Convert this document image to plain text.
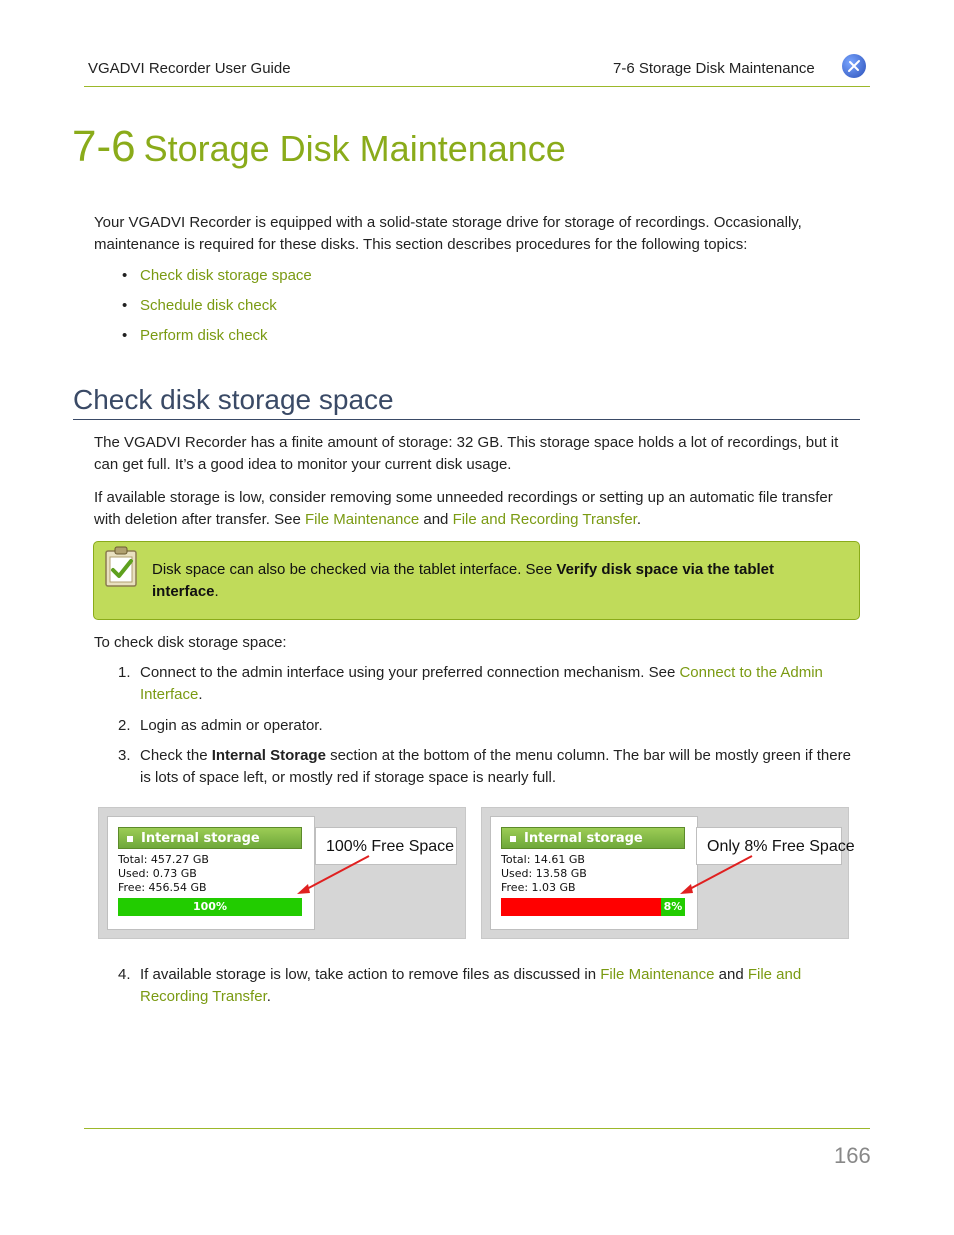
VGADVI Recorder User Guide	7-6 Storage Disk Maintenance
7-6 Storage Disk Maintenance
Your VGADVI Recorder is equipped with a solid-state storage drive for storage of recordings. Occasionally, maintenance is required for these disks. This section describes procedures for the following topics:
• Check disk storage space
• Schedule disk check
• Perform disk check
Check disk storage space
The VGADVI Recorder has a finite amount of storage: 32 GB. This storage space holds a lot of recordings, but it can get full. It’s a good idea to monitor your current disk usage.
If available storage is low, consider removing some unneeded recordings or setting up an automatic file transfer with deletion after transfer. See File Maintenance and File and Recording Transfer.
Disk space can also be checked via the tablet interface. See Verify disk space via the tablet interface.
To check disk storage space:
1. Connect to the admin interface using your preferred connection mechanism. See Connect to the Admin Interface.
2. Login as admin or operator.
3. Check the Internal Storage section at the bottom of the menu column. The bar will be mostly green if there is lots of space left, or mostly red if storage space is nearly full.
4. If available storage is low, take action to remove files as discussed in File Maintenance and File and Recording Transfer.
Internal storage
Total: 457.27 GB
Used: 0.73 GB
Free: 456.54 GB
100%
100% Free Space	Internal storage
Total: 14.61 GB
Used: 13.58 GB
Free: 1.03 GB
8%
Only 8% Free Space
166
